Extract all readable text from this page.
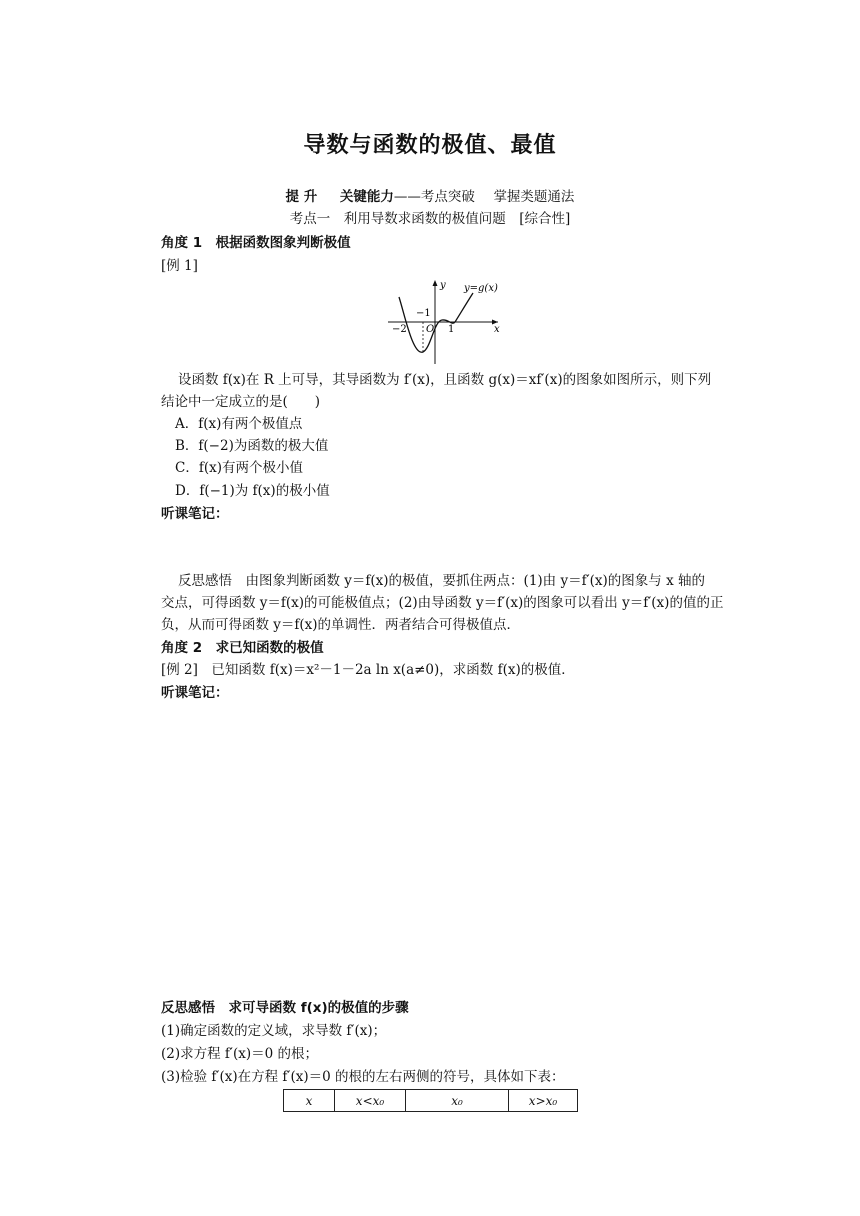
导数与函数的极值、最值
提 升 关键能力——考点突破 掌握类题通法
考点一　利用导数求函数的极值问题　[综合性]
角度 1　根据函数图象判断极值
[例 1]
y
x
y=g(x)
O
−2
−1
1
设函数 f(x)在 R 上可导，其导函数为 f′(x)，且函数 g(x)＝xf′(x)的图象如图所示，则下列
结论中一定成立的是(　　)
A．f(x)有两个极值点
B．f(−2)为函数的极大值
C．f(x)有两个极小值
D．f(−1)为 f(x)的极小值
听课笔记：
反思感悟　由图象判断函数 y＝f(x)的极值，要抓住两点：(1)由 y＝f′(x)的图象与 x 轴的
交点，可得函数 y＝f(x)的可能极值点；(2)由导函数 y＝f′(x)的图象可以看出 y＝f′(x)的值的正
负，从而可得函数 y＝f(x)的单调性．两者结合可得极值点．
角度 2　求已知函数的极值
[例 2]　已知函数 f(x)＝x²－1－2a ln x(a≠0)，求函数 f(x)的极值．
听课笔记：
反思感悟　求可导函数 f(x)的极值的步骤
(1)确定函数的定义域，求导数 f′(x)；
(2)求方程 f′(x)＝0 的根；
(3)检验 f′(x)在方程 f′(x)＝0 的根的左右两侧的符号，具体如下表：
x	x<x₀	x₀	x>x₀
